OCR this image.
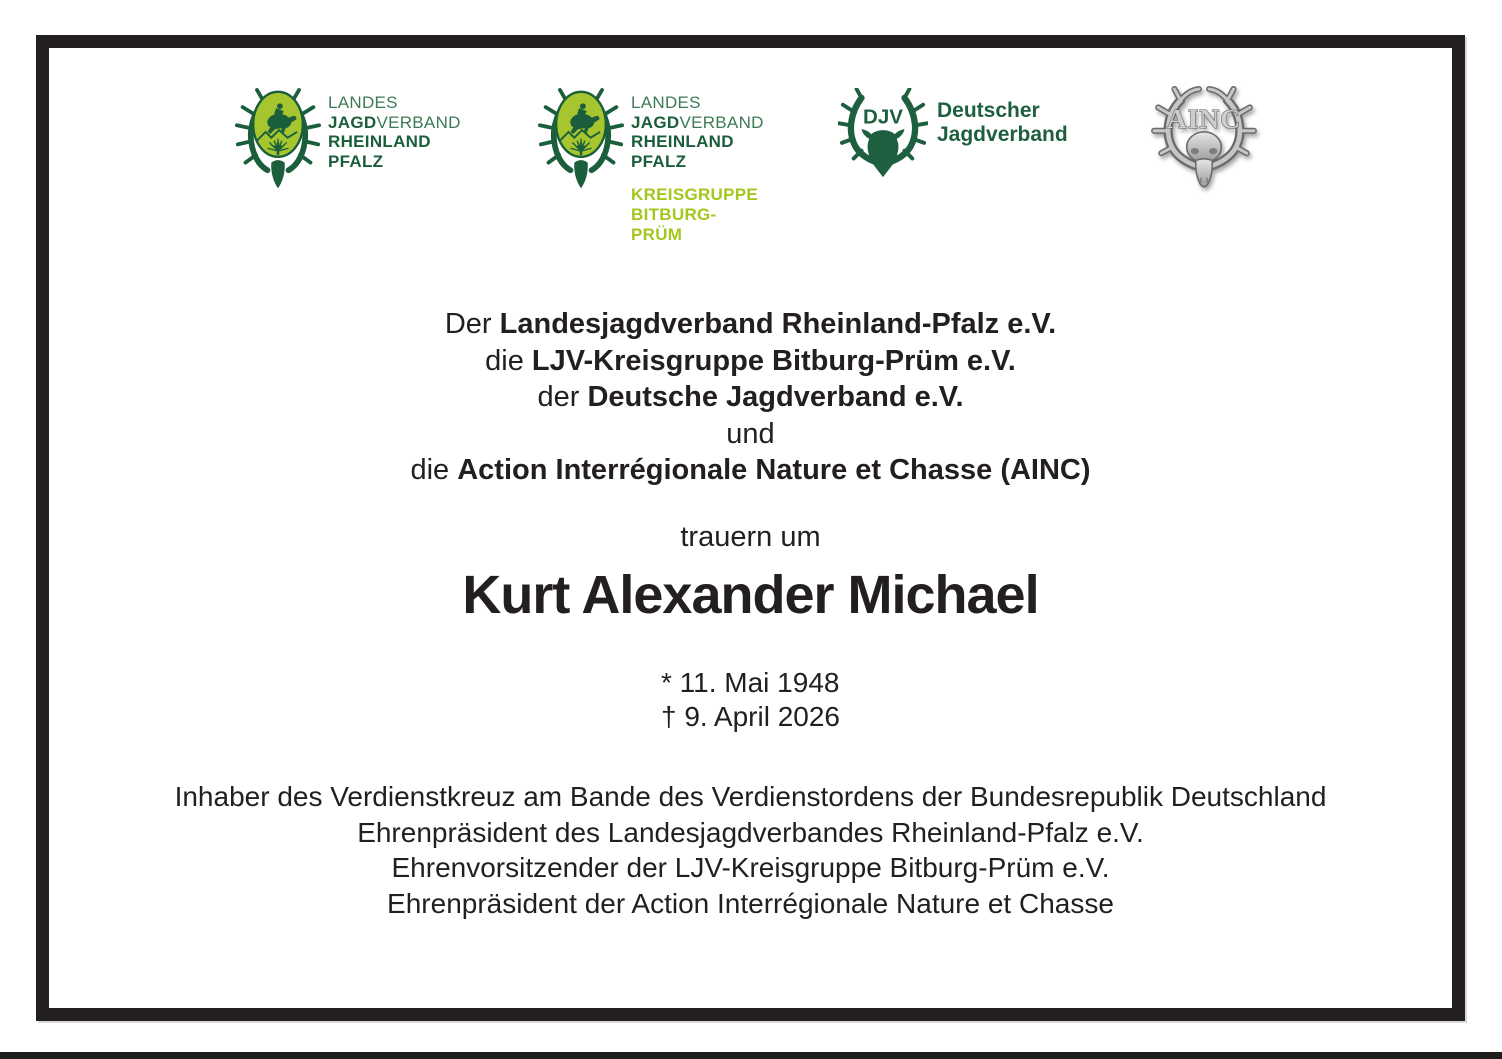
LANDES
JAGDVERBAND
RHEINLAND
PFALZ
LANDES
JAGDVERBAND
RHEINLAND
PFALZ
KREISGRUPPE
BITBURG-
PRÜM
DJV Deutscher
Jagdverband
AINC
Der Landesjagdverband Rheinland-Pfalz e.V.
die LJV-Kreisgruppe Bitburg-Prüm e.V.
der Deutsche Jagdverband e.V.
und
die Action Interrégionale Nature et Chasse (AINC)
trauern um
Kurt Alexander Michael
* 11. Mai 1948
† 9. April 2026
Inhaber des Verdienstkreuz am Bande des Verdienstordens der Bundesrepublik Deutschland
Ehrenpräsident des Landesjagdverbandes Rheinland-Pfalz e.V.
Ehrenvorsitzender der LJV-Kreisgruppe Bitburg-Prüm e.V.
Ehrenpräsident der Action Interrégionale Nature et Chasse
